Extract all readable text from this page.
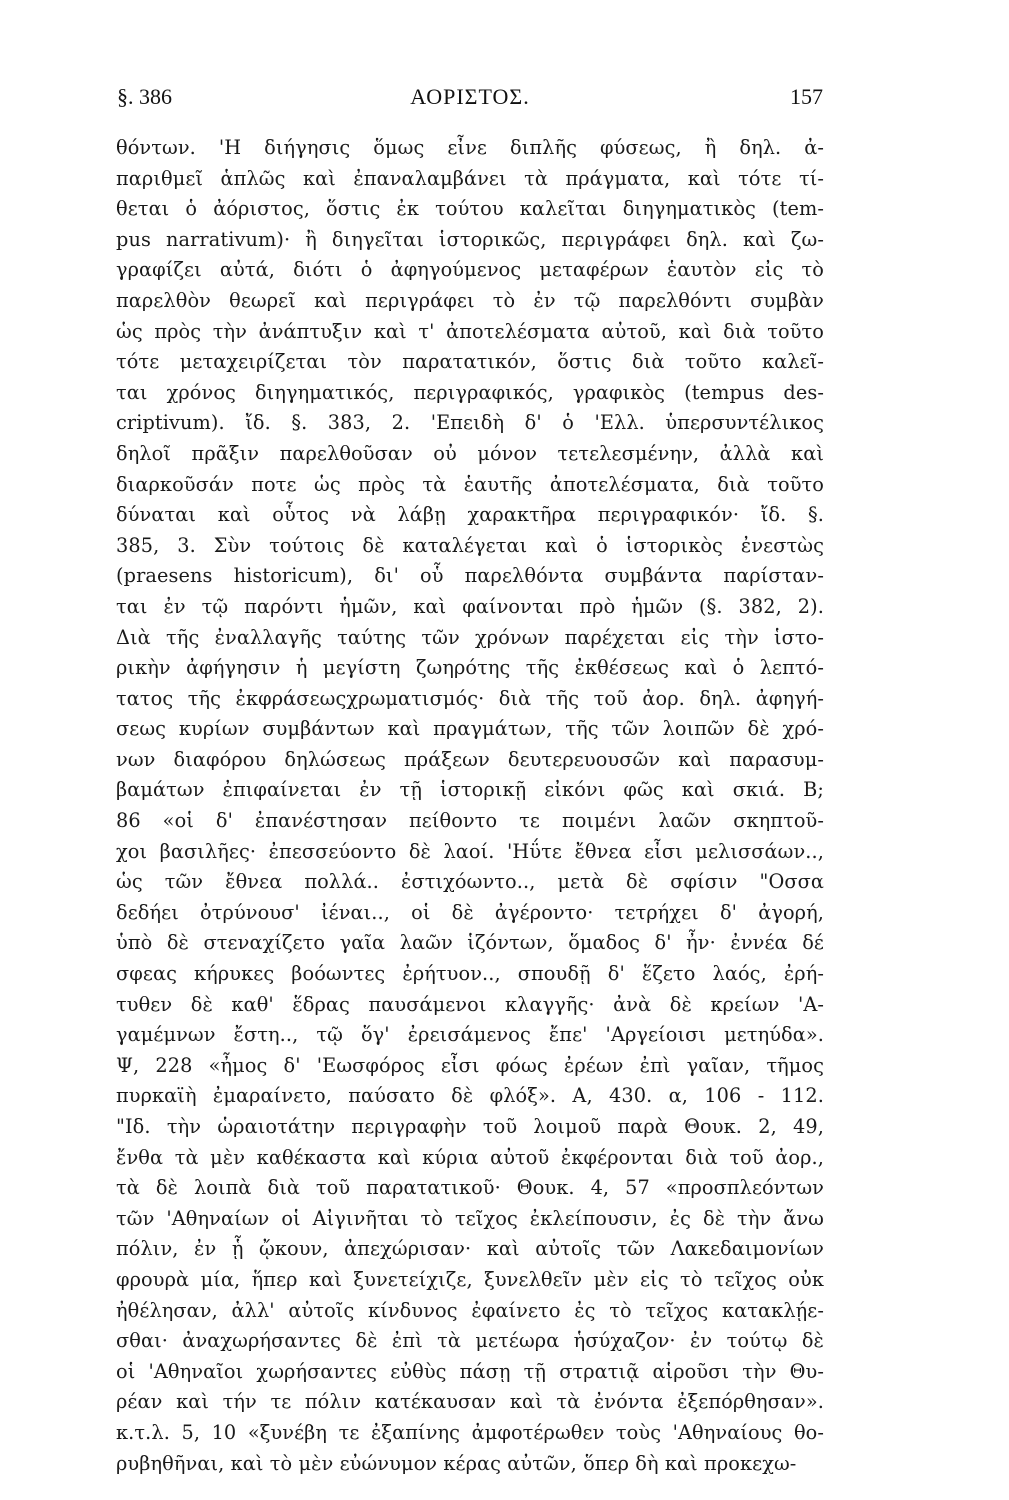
§. 386	ΑΟΡΙΣΤΟΣ.	157
θόντων. 'Η διήγησις ὅμως εἶνε διπλῆς φύσεως, ἢ δηλ. ἀ-
παριθμεῖ ἁπλῶς καὶ ἐπαναλαμβάνει τὰ πράγματα, καὶ τότε τί-
θεται ὁ ἀόριστος, ὅστις ἐκ τούτου καλεῖται διηγηματικὸς (tem-
pus narrativum)· ἢ διηγεῖται ἱστορικῶς, περιγράφει δηλ. καὶ ζω-
γραφίζει αὐτά, διότι ὁ ἀφηγούμενος μεταφέρων ἑαυτὸν εἰς τὸ
παρελθὸν θεωρεῖ καὶ περιγράφει τὸ ἐν τῷ παρελθόντι συμβὰν
ὡς πρὸς τὴν ἀνάπτυξιν καὶ τ' ἀποτελέσματα αὐτοῦ, καὶ διὰ τοῦτο
τότε μεταχειρίζεται τὸν παρατατικόν, ὅστις διὰ τοῦτο καλεῖ-
ται χρόνος διηγηματικός, περιγραφικός, γραφικὸς (tempus des-
criptivum). ἴδ. §. 383, 2. 'Επειδὴ δ' ὁ 'Ελλ. ὑπερσυντέλικος
δηλοῖ πρᾶξιν παρελθοῦσαν οὐ μόνον τετελεσμένην, ἀλλὰ καὶ
διαρκοῦσάν ποτε ὡς πρὸς τὰ ἑαυτῆς ἀποτελέσματα, διὰ τοῦτο
δύναται καὶ οὗτος νὰ λάβῃ χαρακτῆρα περιγραφικόν· ἴδ. §.
385, 3. Σὺν τούτοις δὲ καταλέγεται καὶ ὁ ἱστορικὸς ἐνεστὼς
(praesens historicum), δι' οὗ παρελθόντα συμβάντα παρίσταν-
ται ἐν τῷ παρόντι ἡμῶν, καὶ φαίνονται πρὸ ἡμῶν (§. 382, 2).
Διὰ τῆς ἐναλλαγῆς ταύτης τῶν χρόνων παρέχεται εἰς τὴν ἱστο-
ρικὴν ἀφήγησιν ἡ μεγίστη ζωηρότης τῆς ἐκθέσεως καὶ ὁ λεπτό-
τατος τῆς ἐκφράσεωςχρωματισμός· διὰ τῆς τοῦ ἀορ. δηλ. ἀφηγή-
σεως κυρίων συμβάντων καὶ πραγμάτων, τῆς τῶν λοιπῶν δὲ χρό-
νων διαφόρου δηλώσεως πράξεων δευτερευουσῶν καὶ παρασυμ-
βαμάτων ἐπιφαίνεται ἐν τῇ ἱστορικῇ εἰκόνι φῶς καὶ σκιά. Β;
86 «οἱ δ' ἐπανέστησαν πείθοντο τε ποιμένι λαῶν σκηπτοῦ-
χοι βασιλῆες· ἐπεσσεύοντο δὲ λαοί. 'Ηΰτε ἔθνεα εἶσι μελισσάων..,
ὡς τῶν ἔθνεα πολλά.. ἐστιχόωντο.., μετὰ δὲ σφίσιν "Οσσα
δεδήει ὀτρύνουσ' ἰέναι.., οἱ δὲ ἀγέροντο· τετρήχει δ' ἀγορή,
ὑπὸ δὲ στεναχίζετο γαῖα λαῶν ἱζόντων, ὅμαδος δ' ἦν· ἐννέα δέ
σφεας κήρυκες βοόωντες ἐρήτυον.., σπουδῇ δ' ἕζετο λαός, ἐρή-
τυθεν δὲ καθ' ἕδρας παυσάμενοι κλαγγῆς· ἀνὰ δὲ κρείων 'Α-
γαμέμνων ἔστη.., τῷ ὅγ' ἐρεισάμενος ἔπε' 'Αργείοισι μετηύδα».
Ψ, 228 «ἦμος δ' 'Εωσφόρος εἶσι φόως ἐρέων ἐπὶ γαῖαν, τῆμος
πυρκαϊὴ ἐμαραίνετο, παύσατο δὲ φλόξ». Α, 430. α, 106 - 112.
"Ιδ. τὴν ὡραιοτάτην περιγραφὴν τοῦ λοιμοῦ παρὰ Θουκ. 2, 49,
ἔνθα τὰ μὲν καθέκαστα καὶ κύρια αὐτοῦ ἐκφέρονται διὰ τοῦ ἀορ.,
τὰ δὲ λοιπὰ διὰ τοῦ παρατατικοῦ· Θουκ. 4, 57 «προσπλεόντων
τῶν 'Αθηναίων οἱ Αἰγινῆται τὸ τεῖχος ἐκλείπουσιν, ἐς δὲ τὴν ἄνω
πόλιν, ἐν ᾗ ᾤκουν, ἀπεχώρισαν· καὶ αὐτοῖς τῶν Λακεδαιμονίων
φρουρὰ μία, ἥπερ καὶ ξυνετείχιζε, ξυνελθεῖν μὲν εἰς τὸ τεῖχος οὐκ
ἠθέλησαν, ἀλλ' αὐτοῖς κίνδυνος ἐφαίνετο ἐς τὸ τεῖχος κατακλῄε-
σθαι· ἀναχωρήσαντες δὲ ἐπὶ τὰ μετέωρα ἡσύχαζον· ἐν τούτῳ δὲ
οἱ 'Αθηναῖοι χωρήσαντες εὐθὺς πάσῃ τῇ στρατιᾷ αἱροῦσι τὴν Θυ-
ρέαν καὶ τήν τε πόλιν κατέκαυσαν καὶ τὰ ἐνόντα ἐξεπόρθησαν».
κ.τ.λ. 5, 10 «ξυνέβη τε ἐξαπίνης ἀμφοτέρωθεν τοὺς 'Αθηναίους θο-
ρυβηθῆναι, καὶ τὸ μὲν εὐώνυμον κέρας αὐτῶν, ὅπερ δὴ καὶ προκεχω-
